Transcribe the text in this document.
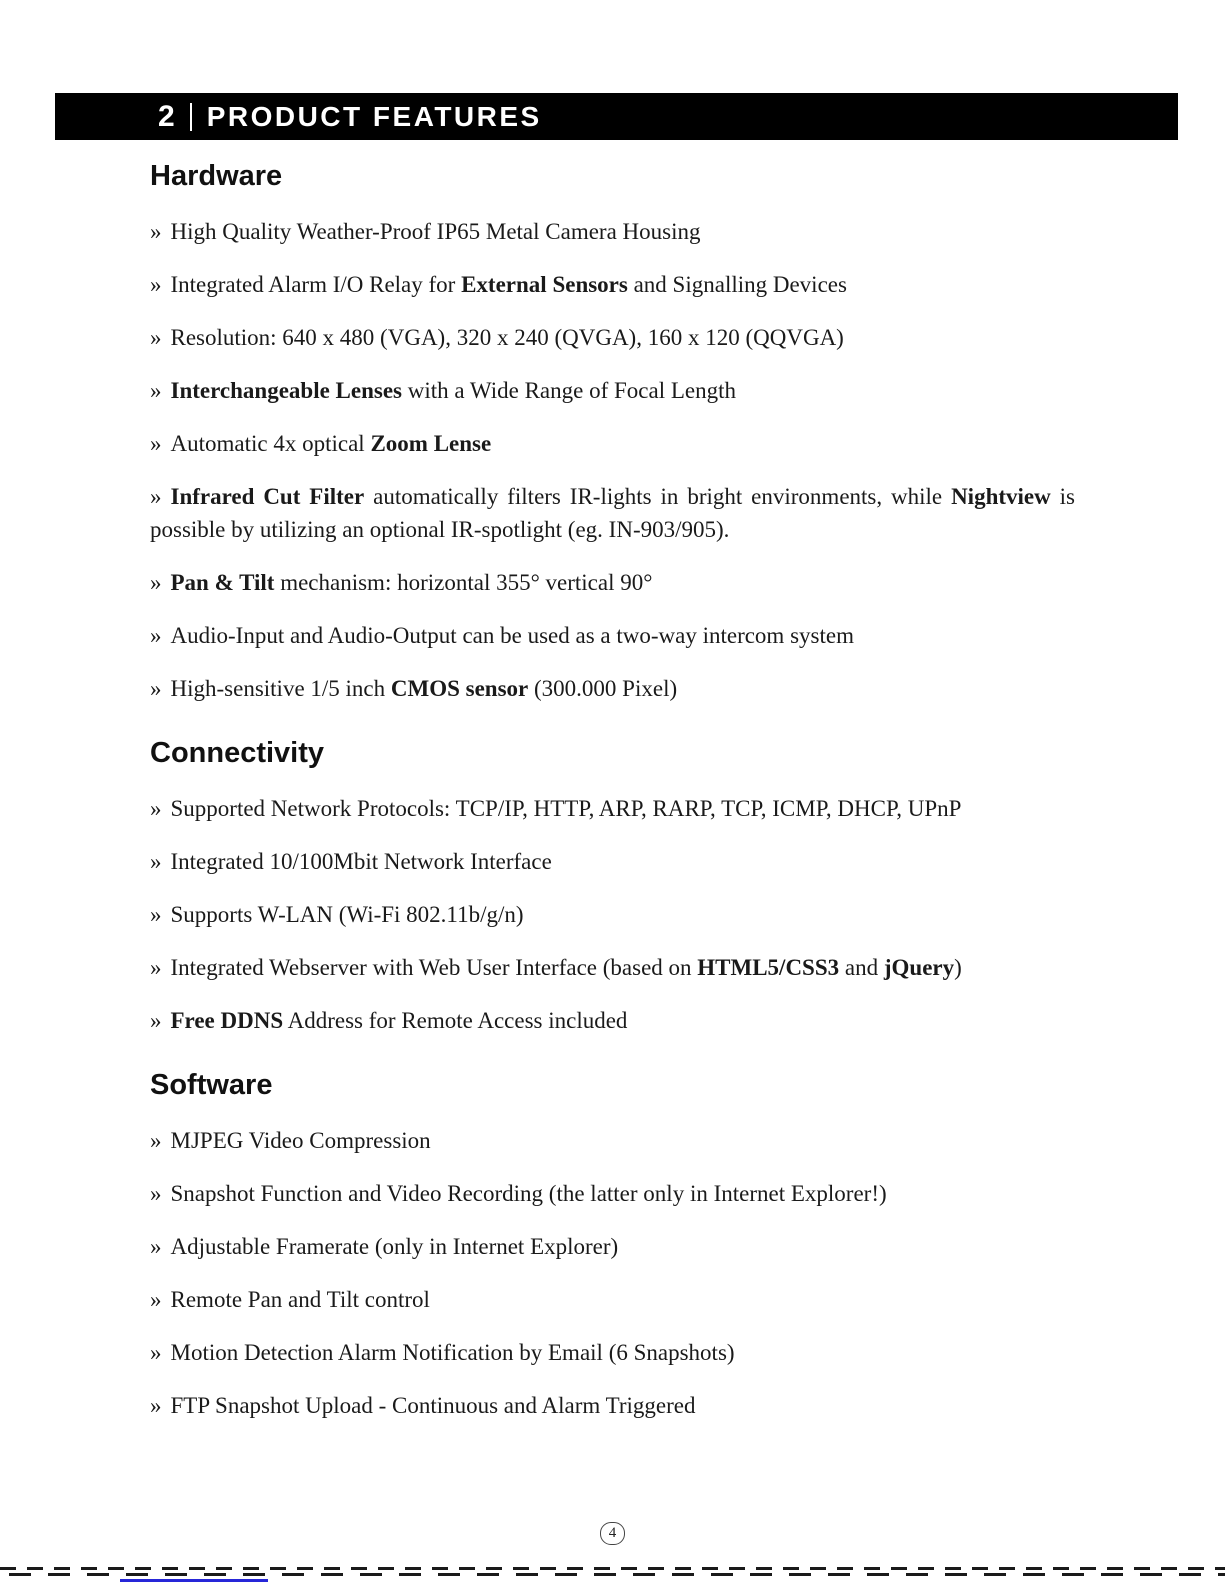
2 PRODUCT FEATURES
Hardware

» High Quality Weather-Proof IP65 Metal Camera Housing

» Integrated Alarm I/O Relay for External Sensors and Signalling Devices

» Resolution: 640 x 480 (VGA), 320 x 240 (QVGA), 160 x 120 (QQVGA)

» Interchangeable Lenses with a Wide Range of Focal Length

» Automatic 4x optical Zoom Lense

» Infrared Cut Filter automatically filters IR-lights in bright environments, while Nightview is possible by utilizing an optional IR-spotlight (eg. IN-903/905).

» Pan & Tilt mechanism: horizontal 355° vertical 90°

» Audio-Input and Audio-Output can be used as a two-way intercom system

» High-sensitive 1/5 inch CMOS sensor (300.000 Pixel)

Connectivity

» Supported Network Protocols: TCP/IP, HTTP, ARP, RARP, TCP, ICMP, DHCP, UPnP

» Integrated 10/100Mbit Network Interface

» Supports W-LAN (Wi-Fi 802.11b/g/n)

» Integrated Webserver with Web User Interface (based on HTML5/CSS3 and jQuery)

» Free DDNS Address for Remote Access included

Software

» MJPEG Video Compression

» Snapshot Function and Video Recording (the latter only in Internet Explorer!)

» Adjustable Framerate (only in Internet Explorer)

» Remote Pan and Tilt control

» Motion Detection Alarm Notification by Email (6 Snapshots)

» FTP Snapshot Upload - Continuous and Alarm Triggered

4
